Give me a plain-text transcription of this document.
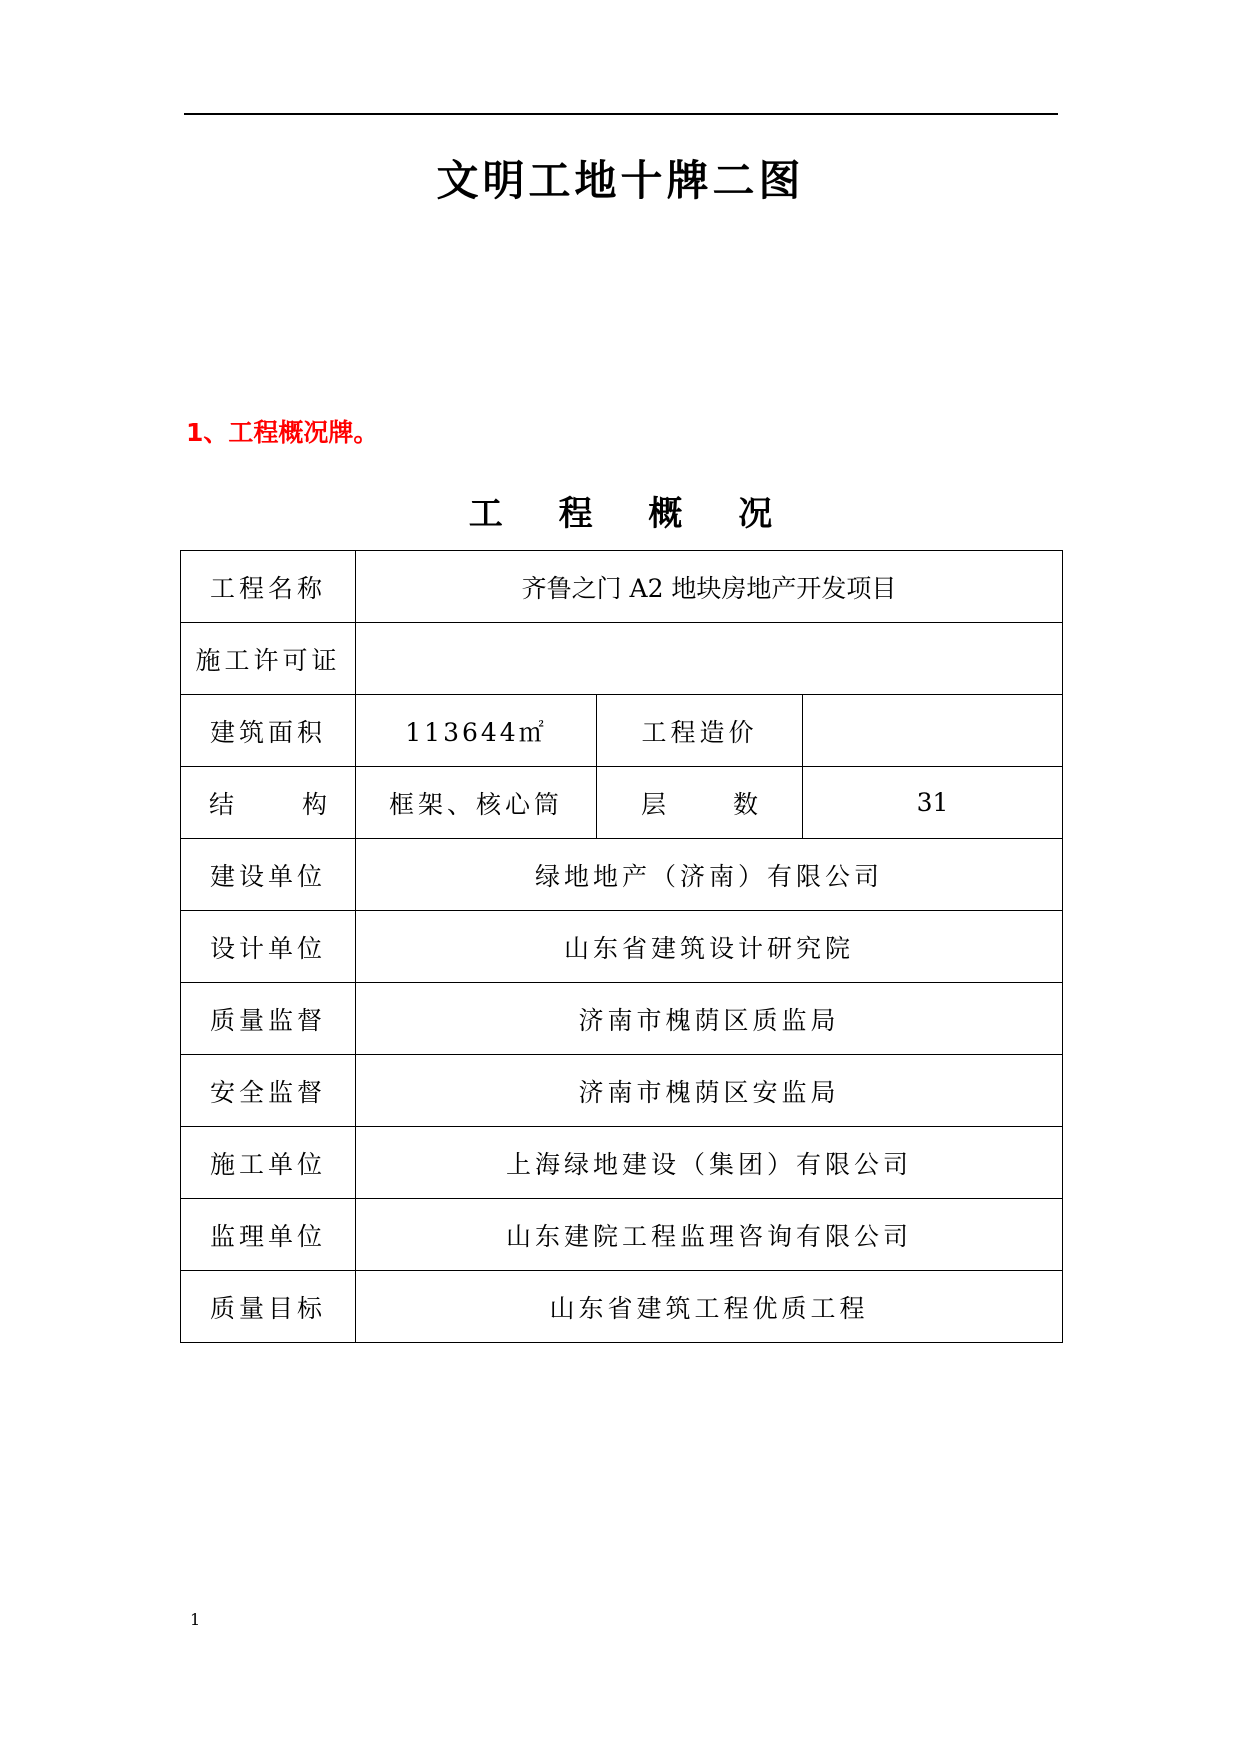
文明工地十牌二图
1、工程概况牌。
工 程 概 况
工程名称	齐鲁之门 A2 地块房地产开发项目		
施工许可证			
建筑面积	113644㎡	工程造价	

结 构	框架、核心筒	层 数	31
建设单位	绿地地产（济南）有限公司		
设计单位	山东省建筑设计研究院		
质量监督	济南市槐荫区质监局		
安全监督	济南市槐荫区安监局		
施工单位	上海绿地建设（集团）有限公司		
监理单位	山东建院工程监理咨询有限公司		
质量目标	山东省建筑工程优质工程		
1
